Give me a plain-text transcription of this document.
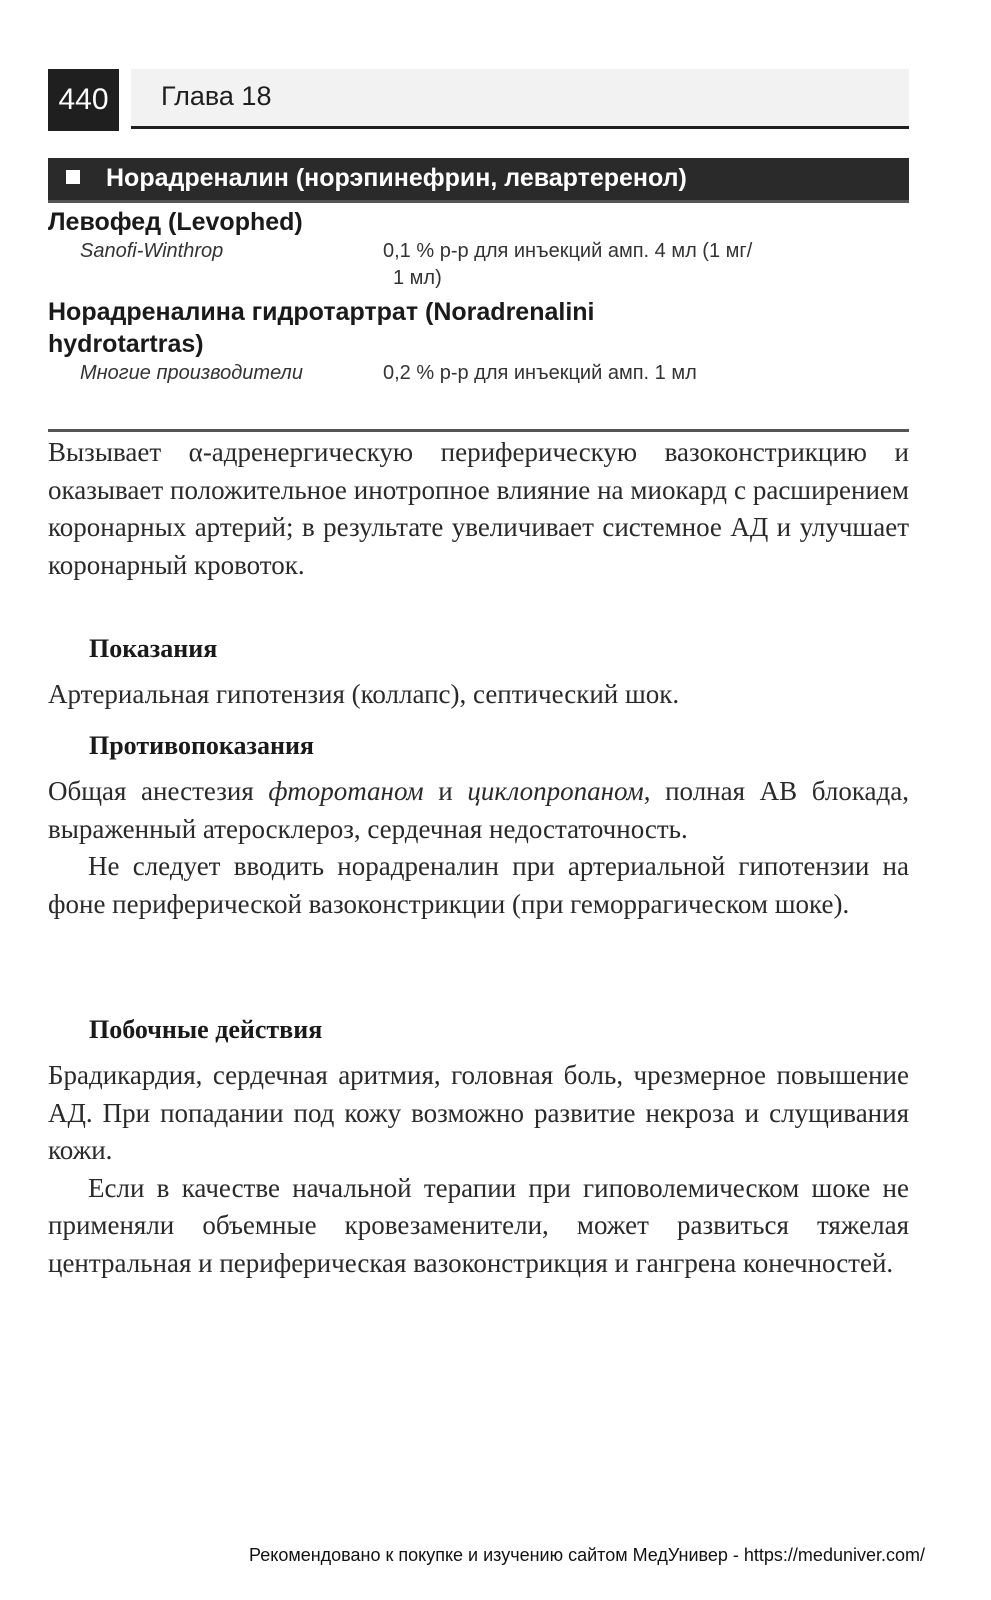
440	Глава 18
Норадреналин (норэпинефрин, левартеренол)
Левофед (Levophed)
Sanofi-Winthrop	0,1 % р-р для инъекций амп. 4 мл (1 мг/
1 мл)
Норадреналина гидротартрат (Noradrenalini
hydrotartras)
Многие производители	0,2 % р-р для инъекций амп. 1 мл

Вызывает α-адренергическую периферическую вазоконстрикцию и оказывает положительное инотропное влияние на миокард с расширением коронарных артерий; в результате увеличивает системное АД и улучшает коронарный кровоток.

Показания

Артериальная гипотензия (коллапс), септический шок.

Противопоказания

Общая анестезия фторотаном и циклопропаном, полная АВ блокада, выраженный атеросклероз, сердечная недостаточность.

Не следует вводить норадреналин при артериальной гипотензии на фоне периферической вазоконстрикции (при геморрагическом шоке).

Побочные действия

Брадикардия, сердечная аритмия, головная боль, чрезмерное повышение АД. При попадании под кожу возможно развитие некроза и слущивания кожи.

Если в качестве начальной терапии при гиповолемическом шоке не применяли объемные кровезаменители, может развиться тяжелая центральная и периферическая вазоконстрикция и гангрена конечностей.

Рекомендовано к покупке и изучению сайтом МедУнивер - https://meduniver.com/
